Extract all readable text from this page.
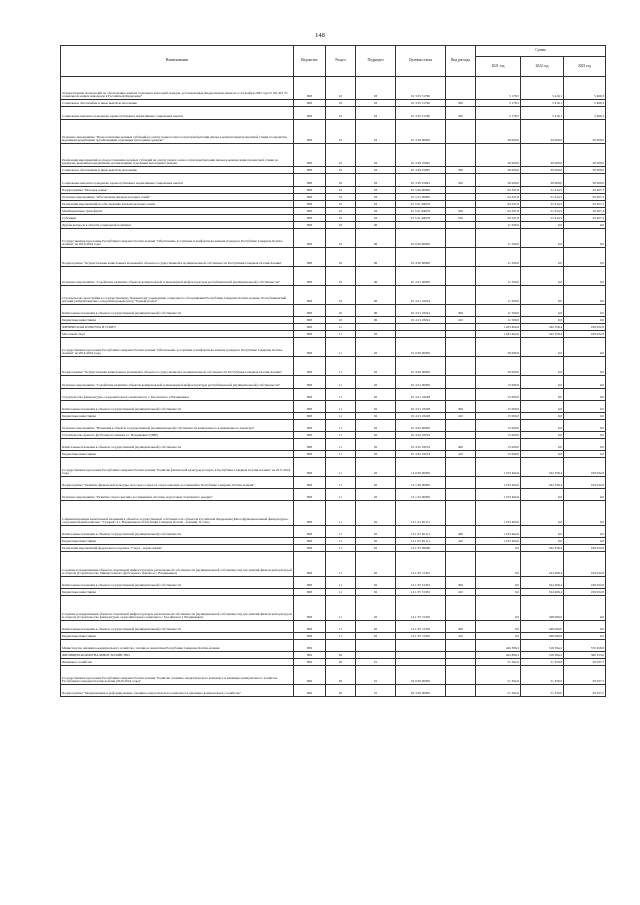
148
Наименование	Ведомство	Раздел	Подраздел	Целевая статья	Вид расхода	Сумма		
						2021 год	2022 год	2023 год
Осуществление полномочий по обеспечению жильем отдельных категорий граждан, установленных Федеральным законом от 24 ноября 1995 года N 181-ФЗ "О социальной защите инвалидов в Российской Федерации"	808	10	03	01 3 05 51760		5 178,5	5 410,1	5 469,3
Социальное обеспечение и иные выплаты населению	808	10	03	01 3 05 51760	300	5 178,5	5 410,1	5 469,3
Социальные выплаты гражданам, кроме публичных нормативных социальных выплат	808	10	03	01 3 05 51760	320	5 178,5	5 410,1	5 469,3
Основное мероприятие "Предоставление целевых субсидий на оплату первого взноса при приобретении жилья и компенсации процентной ставки по кредитам, выданным кредитными организациями отдельным категориям граждан"	808	10	03	01 3 09 00000		36 000,0	30 000,0	30 000,0
Реализация мероприятий по предоставлению целевых субсидий на оплату первого взноса при приобретении жилья и компенсации процентной ставки по кредитам, выданным кредитными организациями отдельным категориям граждан	808	10	03	01 3 09 25095		36 000,0	30 000,0	30 000,0
Социальное обеспечение и иные выплаты населению	808	10	03	01 3 09 25095	300	36 000,0	30 000,0	30 000,0
Социальные выплаты гражданам, кроме публичных нормативных социальных выплат	808	10	03	01 3 09 25095	320	36 000,0	30 000,0	30 000,0
Подпрограмма "Молодая семья"	808	10	03	01 5 00 00000		64 347,8	51 614,5	50 407,3
Основное мероприятие "Обеспечение жильем молодых семей"	808	10	03	01 5 01 00000		64 347,8	51 614,5	50 407,3
Реализация мероприятий по обеспечению жильем молодых семей	808	10	03	01 5 01 R4970		64 347,8	51 614,5	50 407,3
Межбюджетные трансферты	808	10	03	01 5 01 R4970	500	64 347,8	51 614,5	50 407,3
Субсидии	808	10	03	01 5 01 R4970	520	64 347,8	51 614,5	50 407,3
Другие вопросы в области социальной политики	808	10	06			11 500,0	0,0	0,0
Государственная программа Республики Северная Осетия-Алания "Обеспечение доступным и комфортным жильем граждан в Республике Северная Осетия-Алания" на 2016-2024 годы	808	10	06	01 0 00 00000		11 500,0	0,0	0,0
Подпрограмма "Осуществление капитальных вложений в объекты государственной и муниципальной собственности Республики Северная Осетия-Алания"	808	10	06	01 4 00 00000		11 500,0	0,0	0,0
Основное мероприятие "Содействие развитию объектов коммунальной и инженерной инфраструктуры республиканской (муниципальной) собственности"	808	10	06	01 4 01 00000		11 500,0	0,0	0,0
Строительство пристройки к государственному бюджетному учреждению социального обслуживания Республики Северная Осетия-Алания "Республиканский детский реабилитационно-оздоровительный центр "Горный воздух"	808	10	06	01 4 01 18224		11 500,0	0,0	0,0
Капитальные вложения в объекты государственной (муниципальной) собственности	808	10	06	01 4 01 18224	400	11 500,0	0,0	0,0
Бюджетные инвестиции	808	10	06	01 4 01 18224	410	11 500,0	0,0	0,0
ФИЗИЧЕСКАЯ КУЛЬТУРА И СПОРТ	808	11				1 263 464,6	542 358,4	199 032,8
Массовый спорт	808	11	02			1 263 464,6	542 358,4	199 032,8
Государственная программа Республики Северная Осетия-Алания "Обеспечение доступным и комфортным жильем граждан в Республике Северная Осетия-Алания" на 2016-2024 годы	808	11	02	01 0 00 00000		30 000,0	0,0	0,0
Подпрограмма "Осуществление капитальных вложений в объекты государственной и муниципальной собственности Республики Северная Осетия-Алания"	808	11	02	01 4 00 00000		30 000,0	0,0	0,0
Основное мероприятие "Содействие развитию объектов коммунальной и инженерной инфраструктуры республиканской (муниципальной) собственности"	808	11	02	01 4 01 00000		15 000,0	0,0	0,0
Строительство физкультурно-оздоровительного комплекса в с. Бесланского в Владикавказ	808	11	02	01 4 01 18248		15 000,0	0,0	0,0
Капитальные вложения в объекты государственной (муниципальной) собственности	808	11	02	01 4 01 18248	400	15 000,0	0,0	0,0
Бюджетные инвестиции	808	11	02	01 4 01 18248	410	15 000,0	0,0	0,0
Основное мероприятие "Вложения в объекты государственной (муниципальной) собственности капитального и инженерного характера"	808	11	02	01 4 02 00000		15 000,0	0,0	0,0
Строительство крытого футбольного манежа в г. Владикавказ (ПИР)	808	11	02	01 4 02 18234		15 000,0	0,0	0,0
Капитальные вложения в объекты государственной (муниципальной) собственности	808	11	02	01 4 02 18234	400	15 000,0	0,0	0,0
Бюджетные инвестиции	808	11	02	01 4 02 18234	410	15 000,0	0,0	0,0
Государственная программа Республики Северная Осетия-Алания "Развитие физической культуры и спорта в Республике Северная Осетия-Алания" на 2017-2024 годы	808	11	02	14 0 00 00000		1 233 464,6	542 358,4	199 032,8
Подпрограмма "Развитие физической культуры, массового спорта и спорта высших достижений в Республике Северная Осетия-Алания"	808	11	02	14 1 00 00000		1 233 464,6	542 358,4	199 032,8
Основное мероприятие "Развитие спорта высших достижений и системы подготовки спортивного резерва"	808	11	02	14 1 02 00000		1 233 464,6	0,0	0,0
Софинансирование капитальных вложений в объекты государственной собственности субъектов Российской Федерации (Многофункциональный физкультурно-оздоровительный комплекс "Сухарик" в г. Владикавказе Республики Северная Осетия - Алания), II этапа	808	11	02	14 1 02 R1111		1 233 464,6	0,0	0,0
Капитальные вложения в объекты государственной (муниципальной) собственности	808	11	02	14 1 02 R1111	400	1 233 464,6	0,0	0,0
Бюджетные инвестиции	808	11	02	14 1 02 R1111	410	1 233 464,6	0,0	0,0
Реализация мероприятий федерального проекта "Спорт - норма жизни"	808	11	02	14 1 P5 00000		0,0	542 358,4	199 032,8
Создание и модернизация объектов спортивной инфраструктуры региональной собственности (муниципальной собственности) для занятий физической культурой и спортом (Строительство Универсального футбольного манежа в г. Владикавказ)	808	11	02	14 1 P5 51391		0,0	194 268,4	199 032,8
Капитальные вложения в объекты государственной (муниципальной) собственности	808	11	02	14 1 P5 51391	400	0,0	194 268,4	199 032,8
Бюджетные инвестиции	808	11	02	14 1 P5 51391	410	0,0	194 268,4	199 032,8
Создание и модернизация объектов спортивной инфраструктуры региональной собственности (муниципальной собственности) для занятий физической культурой и спортом (Строительство физкультурно-оздоровительного комплекса с бассейном в г. Владикавказ)	808	11	02	14 1 P5 51392		0,0	348 090,0	0,0
Капитальные вложения в объекты государственной (муниципальной) собственности	808	11	02	14 1 P5 51392	400	0,0	348 090,0	0,0
Бюджетные инвестиции	808	11	02	14 1 P5 51392	410	0,0	348 090,0	0,0
Министерство жилищно-коммунального хозяйства, топлива и энергетики Республики Северная Осетия-Алания	809					426 389,2	518 394,2	570 458,8
ЖИЛИЩНО-КОММУНАЛЬНОЕ ХОЗЯЙСТВО	809	05				422 890,2	518 394,2	569 353,6
Жилищное хозяйство	809	05	01			51 392,6	51 350,0	56 037,5
Государственная программа Республики Северная Осетия-Алания "Развитие топливно-энергетического комплекса и жилищно-коммунального хозяйства Республики Северная Осетия-Алания (2020-2024 годы)"	809	05	01	02 0 00 00000		51 392,6	51 350,0	56 037,5
Подпрограмма "Модернизация и реформирование топливно-энергетического комплекса и жилищно-коммунального хозяйства"	809	05	01	02 3 00 00000		51 392,6	51 350,0	56 037,5
